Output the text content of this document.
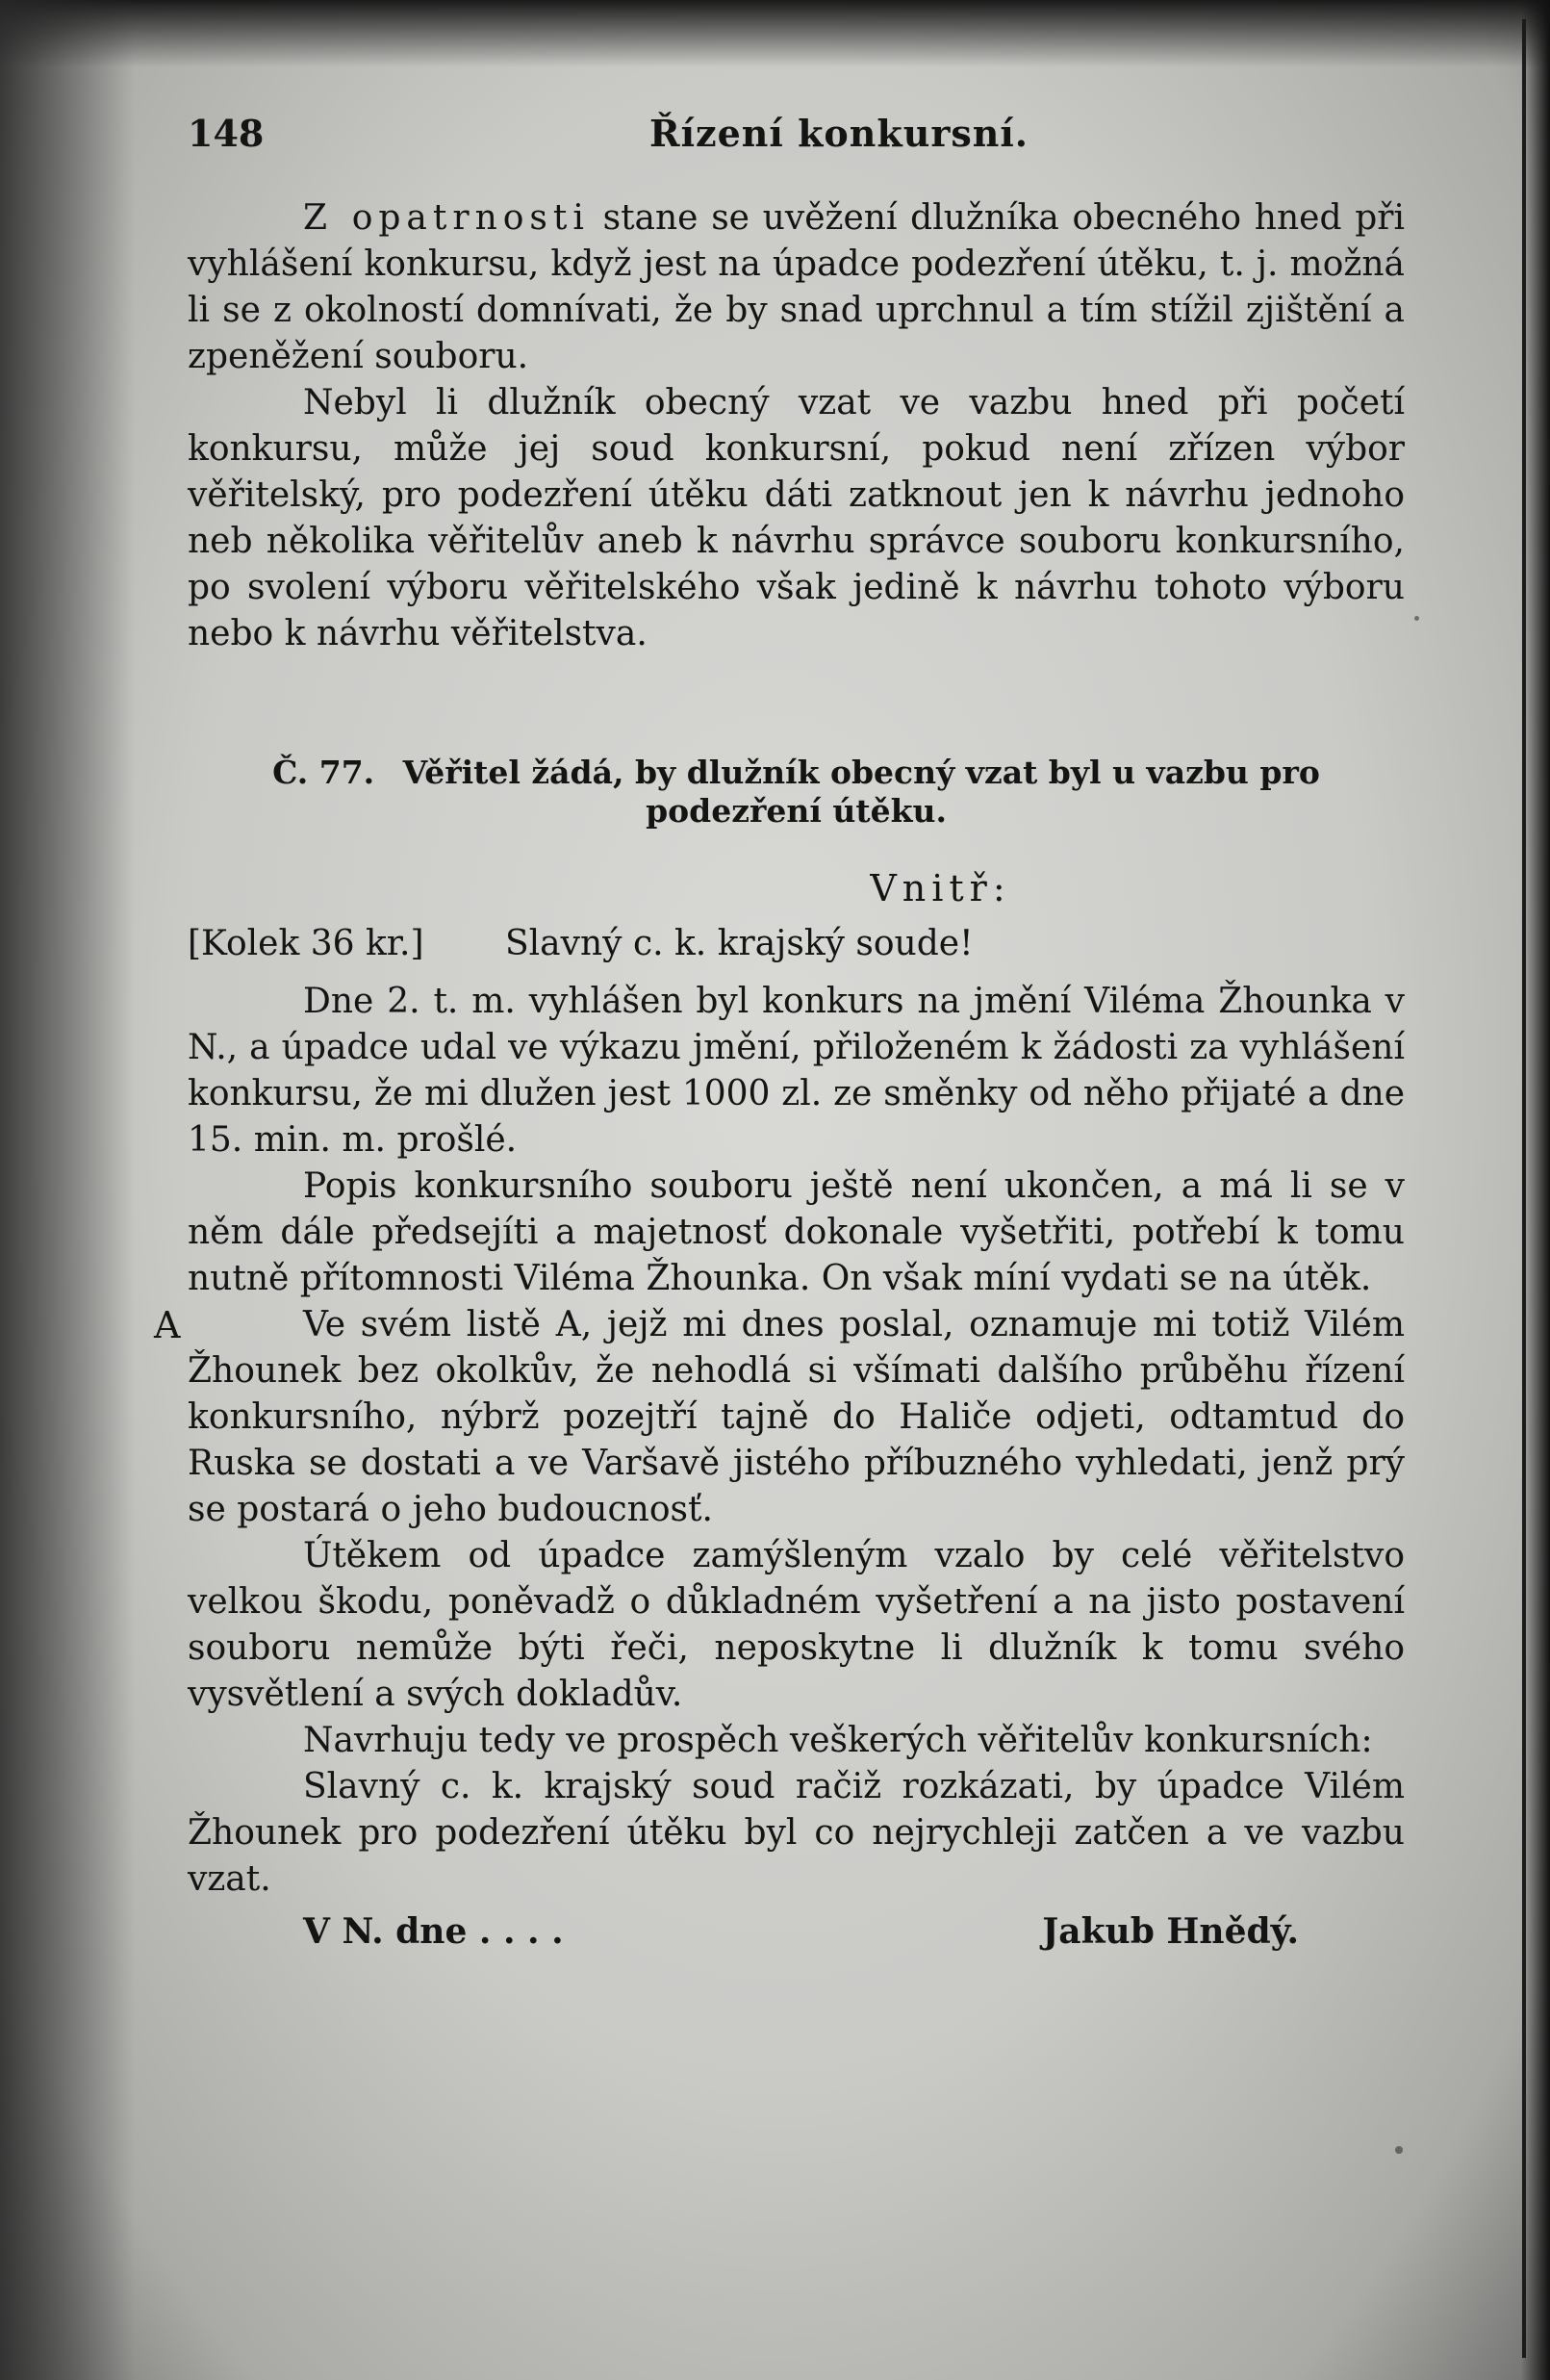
148	Řízení konkursní.

Z opatrnosti stane se uvěžení dlužníka obecného hned při vyhlášení konkursu, když jest na úpadce podezření útěku, t. j. možná li se z okolností domnívati, že by snad uprchnul a tím stížil zjištění a zpeněžení souboru.

Nebyl li dlužník obecný vzat ve vazbu hned při početí konkursu, může jej soud konkursní, pokud není zřízen výbor věřitelský, pro podezření útěku dáti zatknout jen k návrhu jednoho neb několika věřitelův aneb k návrhu správce souboru konkursního, po svolení výboru věřitelského však jedině k návrhu tohoto výboru nebo k návrhu věřitelstva.

Č. 77. Věřitel žádá, by dlužník obecný vzat byl u vazbu pro podezření útěku.
Vnitř:
[Kolek 36 kr.]	Slavný c. k. krajský soude!

Dne 2. t. m. vyhlášen byl konkurs na jmění Viléma Žhounka v N., a úpadce udal ve výkazu jmění, přiloženém k žádosti za vyhlášení konkursu, že mi dlužen jest 1000 zl. ze směnky od něho přijaté a dne 15. min. m. prošlé.

Popis konkursního souboru ještě není ukončen, a má li se v něm dále předsejíti a majetnosť dokonale vyšetřiti, potřebí k tomu nutně přítomnosti Viléma Žhounka. On však míní vydati se na útěk.

A	Ve svém listě A, jejž mi dnes poslal, oznamuje mi totiž Vilém Žhounek bez okolkův, že nehodlá si všímati dalšího průběhu řízení konkursního, nýbrž pozejtří tajně do Haliče odjeti, odtamtud do Ruska se dostati a ve Varšavě jistého příbuzného vyhledati, jenž prý se postará o jeho budoucnosť.

Útěkem od úpadce zamýšleným vzalo by celé věřitelstvo velkou škodu, poněvadž o důkladném vyšetření a na jisto postavení souboru nemůže býti řeči, neposkytne li dlužník k tomu svého vysvětlení a svých dokladův.

Navrhuju tedy ve prospěch veškerých věřitelův konkursních:

Slavný c. k. krajský soud račiž rozkázati, by úpadce Vilém Žhounek pro podezření útěku byl co nejrychleji zatčen a ve vazbu vzat.

V N. dne . . . .	Jakub Hnědý.
